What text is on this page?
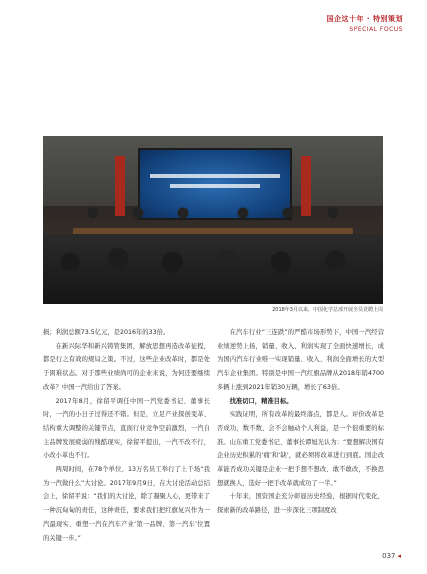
国企这十年 · 特别策划
SPECIAL FOCUS
2018年3月以来，中国化学总部开展全员竞聘上岗

损；利润总额73.5亿元，是2016年的33倍。

在新兴际华和新兴铸管集团，解放思想再造改革征程，都是行之有效的规局之策。不过，这些企业改革时，都是处于困难状态。对于那些业绩尚可的企业来说，为何还要继续改革？中国一汽给出了答案。

2017年8月，徐留平调任中国一汽党委书记、董事长时，一汽的小日子过得还不错。但是，立足产业探创变革、结构重大调整的关键节点，直面行业竞争空前激烈，一汽自主品牌发展疲弱的残酷现实，徐留平提出，一汽不改不行，小改小革也不行。

两周时间，在78个单位、13万名员工举行了上千场“我为一汽做什么”大讨论。2017年9月9日，在大讨论活动总结会上，徐留平说：“我们的大讨论，除了凝聚人心，更带来了一种沉甸甸的责任，这种责任，要求我们把红旗复兴作为一汽最现实、重塑一汽在汽车产业‘第一品牌、第一汽车’位置的关键一步。”

在汽车行业“三连跌”的严酷市场形势下，中国一汽经营业绩逆势上扬，销量、收入、利润实现了全面快速增长，成为国内汽车行业唯一实现销量、收入、利润全面增长的大型汽车企业集团。特别是中国一汽红旗品牌从2018年销4700多辆上涨到2021年销30万辆，增长了63倍。

找准切口，精准目标。

实践证明，所有改革的最终落点，都是人。评价改革是否成功，数不数、会不会触动个人利益，是一个很重要的标准。山东重工党委书记、董事长谭旭光认为：“要想解决国有企业历史积累的‘痛’和‘缺’，就必须将改革进行到底。国企改革能否成功关键是企业一把手想不想改、敢不敢改，不换思想就换人，选好一把手改革就成功了一半。”

十年来，国资国企充分彰显历史经验，根据时代变化，探索新的改革路径，进一步深化三项制度改

037 ◂
